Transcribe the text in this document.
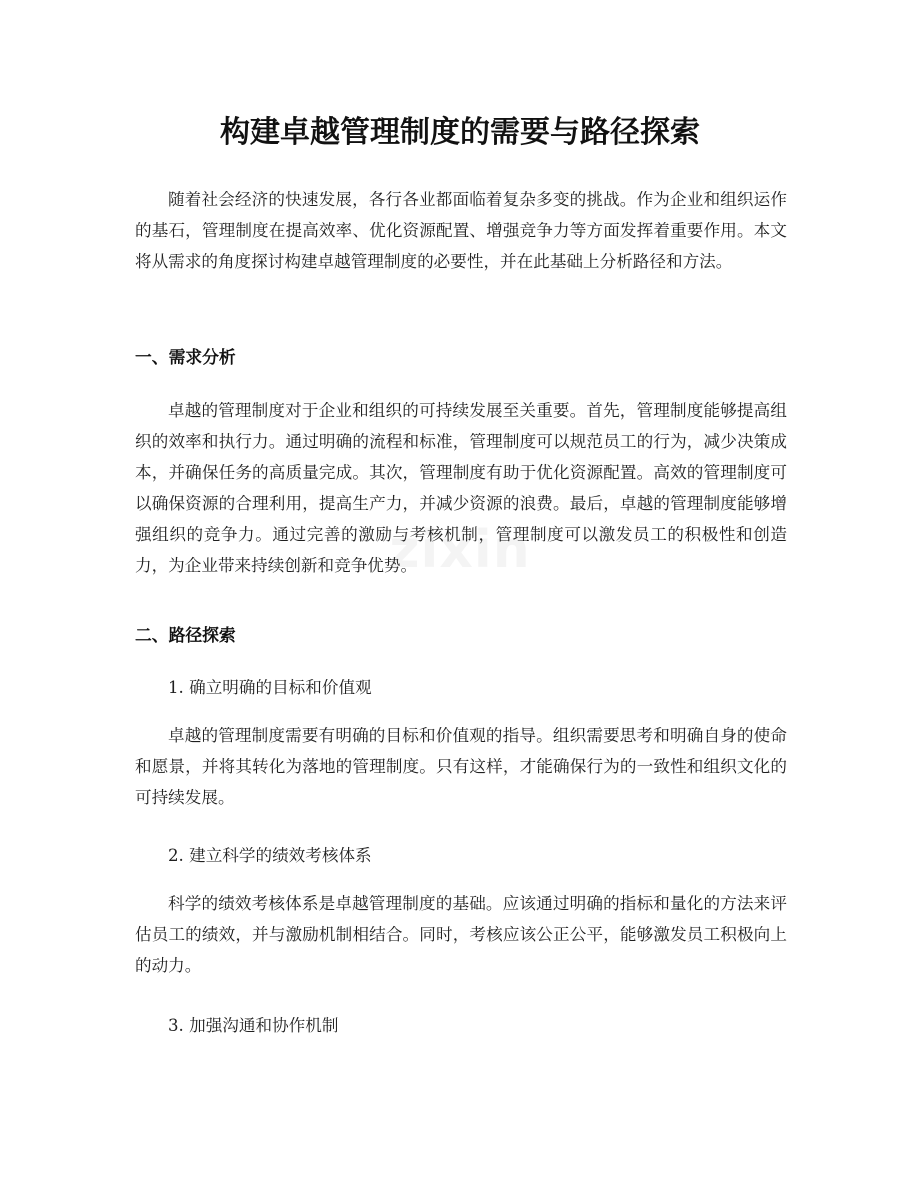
构建卓越管理制度的需要与路径探索

随着社会经济的快速发展，各行各业都面临着复杂多变的挑战。作为企业和组织运作的基石，管理制度在提高效率、优化资源配置、增强竞争力等方面发挥着重要作用。本文将从需求的角度探讨构建卓越管理制度的必要性，并在此基础上分析路径和方法。

一、需求分析

卓越的管理制度对于企业和组织的可持续发展至关重要。首先，管理制度能够提高组织的效率和执行力。通过明确的流程和标准，管理制度可以规范员工的行为，减少决策成本，并确保任务的高质量完成。其次，管理制度有助于优化资源配置。高效的管理制度可以确保资源的合理利用，提高生产力，并减少资源的浪费。最后，卓越的管理制度能够增强组织的竞争力。通过完善的激励与考核机制，管理制度可以激发员工的积极性和创造力，为企业带来持续创新和竞争优势。

二、路径探索

1. 确立明确的目标和价值观

卓越的管理制度需要有明确的目标和价值观的指导。组织需要思考和明确自身的使命和愿景，并将其转化为落地的管理制度。只有这样，才能确保行为的一致性和组织文化的可持续发展。

2. 建立科学的绩效考核体系

科学的绩效考核体系是卓越管理制度的基础。应该通过明确的指标和量化的方法来评估员工的绩效，并与激励机制相结合。同时，考核应该公正公平，能够激发员工积极向上的动力。

3. 加强沟通和协作机制
